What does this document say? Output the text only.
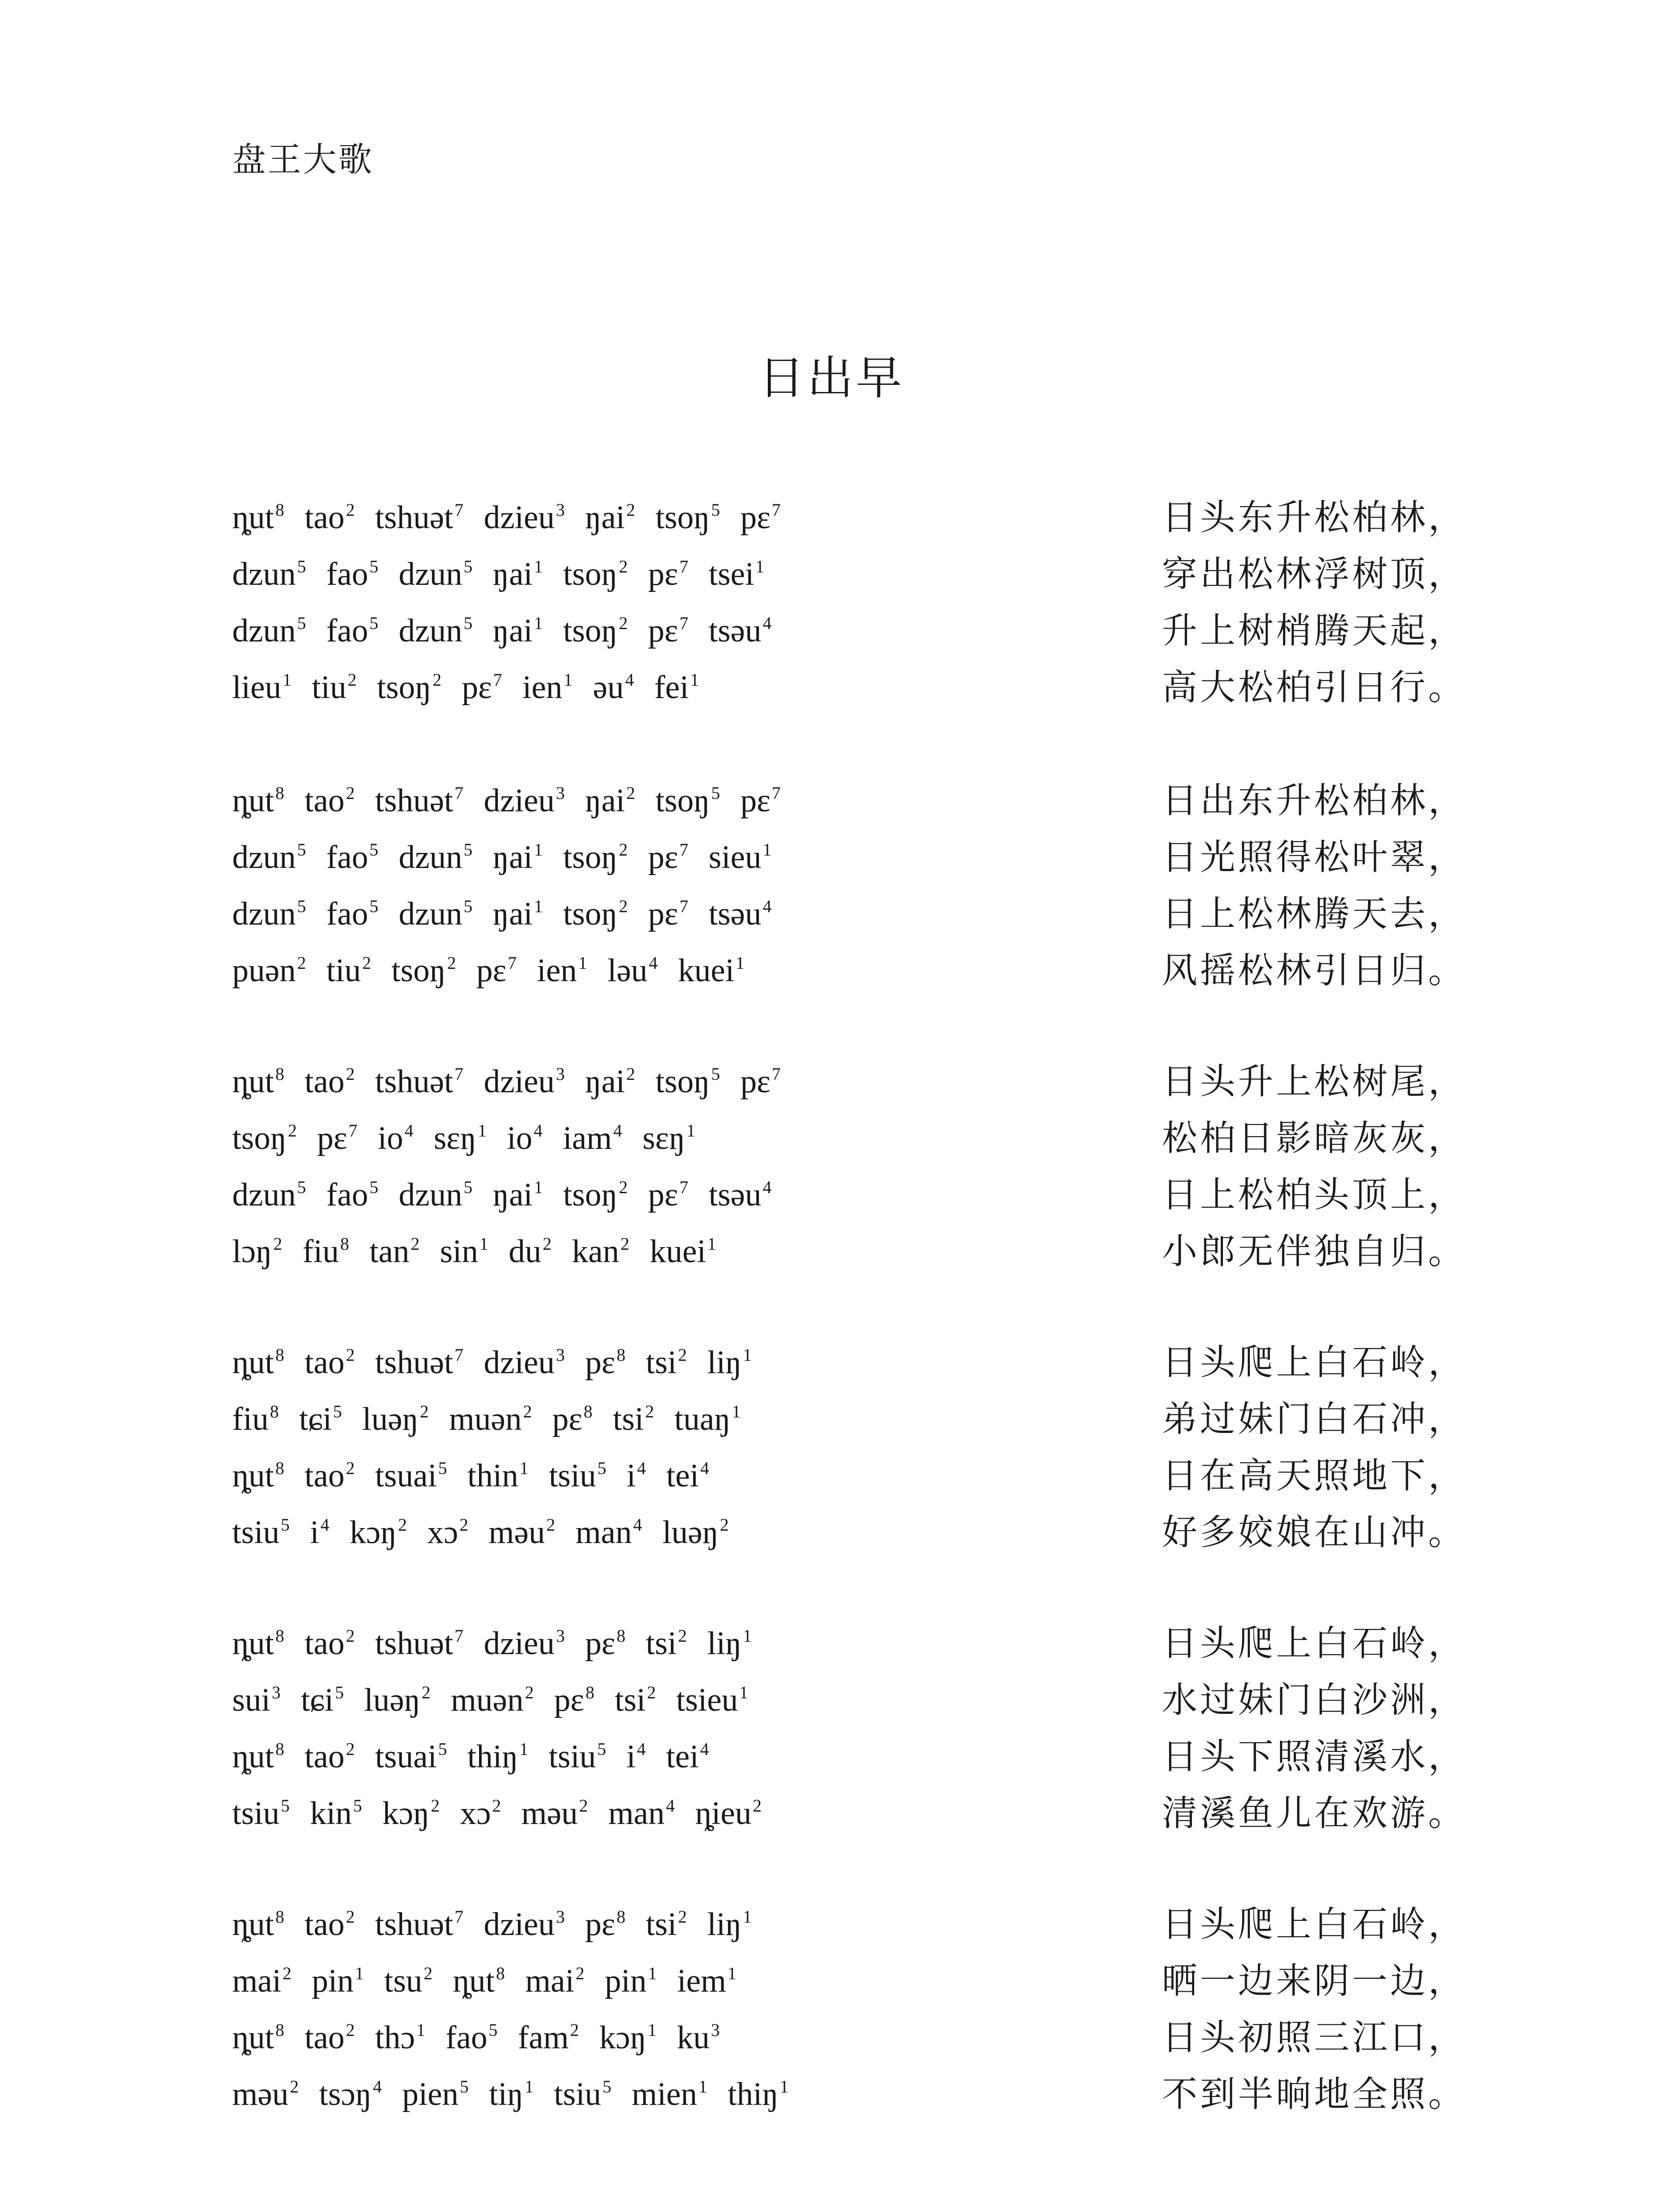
盘王大歌
日出早
ȵut$^8$ tao$^2$ tshuət$^7$ dzieu$^3$ ŋai$^2$ tsoŋ$^5$ pɛ$^7$	日头东升松柏林，
dzun$^5$ fao$^5$ dzun$^5$ ŋai$^1$ tsoŋ$^2$ pɛ$^7$ tsei$^1$	穿出松林浮树顶，
dzun$^5$ fao$^5$ dzun$^5$ ŋai$^1$ tsoŋ$^2$ pɛ$^7$ tsəu$^4$	升上树梢腾天起，
lieu$^1$ tiu$^2$ tsoŋ$^2$ pɛ$^7$ ien$^1$ əu$^4$ fei$^1$	高大松柏引日行。
ȵut$^8$ tao$^2$ tshuət$^7$ dzieu$^3$ ŋai$^2$ tsoŋ$^5$ pɛ$^7$	日出东升松柏林，
dzun$^5$ fao$^5$ dzun$^5$ ŋai$^1$ tsoŋ$^2$ pɛ$^7$ sieu$^1$	日光照得松叶翠，
dzun$^5$ fao$^5$ dzun$^5$ ŋai$^1$ tsoŋ$^2$ pɛ$^7$ tsəu$^4$	日上松林腾天去，
puən$^2$ tiu$^2$ tsoŋ$^2$ pɛ$^7$ ien$^1$ ləu$^4$ kuei$^1$	风摇松林引日归。
ȵut$^8$ tao$^2$ tshuət$^7$ dzieu$^3$ ŋai$^2$ tsoŋ$^5$ pɛ$^7$	日头升上松树尾，
tsoŋ$^2$ pɛ$^7$ $io^4$ sɛŋ$^1$ $io^4$ iam$^4$ sɛŋ$^1$	松柏日影暗灰灰，
dzun$^5$ fao$^5$ dzun$^5$ ŋai$^1$ tsoŋ$^2$ pɛ$^7$ tsəu$^4$	日上松柏头顶上，
lɔŋ$^2$ fiu$^8$ $\tan^2 \sin^1 du^2$ kan$^2$ kuei$^1$	小郎无伴独自归。
ȵut$^8$ tao$^2$ tshuət$^7$ dzieu$^3$ pɛ$^8$ tsi$^2$ liŋ$^1$	日头爬上白石岭，
fiu$^8$ tɕi$^5$ luəŋ$^2$ muən$^2$ pɛ$^8$ tsi$^2$ tuaŋ$^1$	弟过妹门白石冲，
ȵut$^8$ tao$^2$ tsuai$^5$ thin$^1$ tsiu$^5$ $i^4$ tei$^4$	日在高天照地下，
tsiu$^5$ $i^4$ kɔŋ$^2$ xɔ$^2$ məu$^2$ man$^4$ luəŋ$^2$	好多姣娘在山冲。
ȵut$^8$ tao$^2$ tshuət$^7$ dzieu$^3$ pɛ$^8$ tsi$^2$ liŋ$^1$	日头爬上白石岭，
sui$^3$ tɕi$^5$ luəŋ$^2$ muən$^2$ pɛ$^8$ tsi$^2$ tsieu$^1$	水过妹门白沙洲，
ȵut$^8$ tao$^2$ tsuai$^5$ thiŋ$^1$ tsiu$^5$ $i^4$ tei$^4$	日头下照清溪水，
tsiu$^5$ kin$^5$ kɔŋ$^2$ xɔ$^2$ məu$^2$ man$^4$ ȵieu$^2$	清溪鱼儿在欢游。
ȵut$^8$ tao$^2$ tshuət$^7$ dzieu$^3$ pɛ$^8$ tsi$^2$ liŋ$^1$	日头爬上白石岭，
mai$^2$ pin$^1$ tsu$^2$ ȵut$^8$ mai$^2$ pin$^1$ iem$^1$	晒一边来阴一边，
ȵut$^8$ tao$^2$ thɔ$^1$ fao$^5$ fam$^2$ kɔŋ$^1$ $ku^3$	日头初照三江口，
məu$^2$ tsɔŋ$^4$ pien$^5$ tiŋ$^1$ tsiu$^5$ mien$^1$ thiŋ$^1$	不到半晌地全照。
